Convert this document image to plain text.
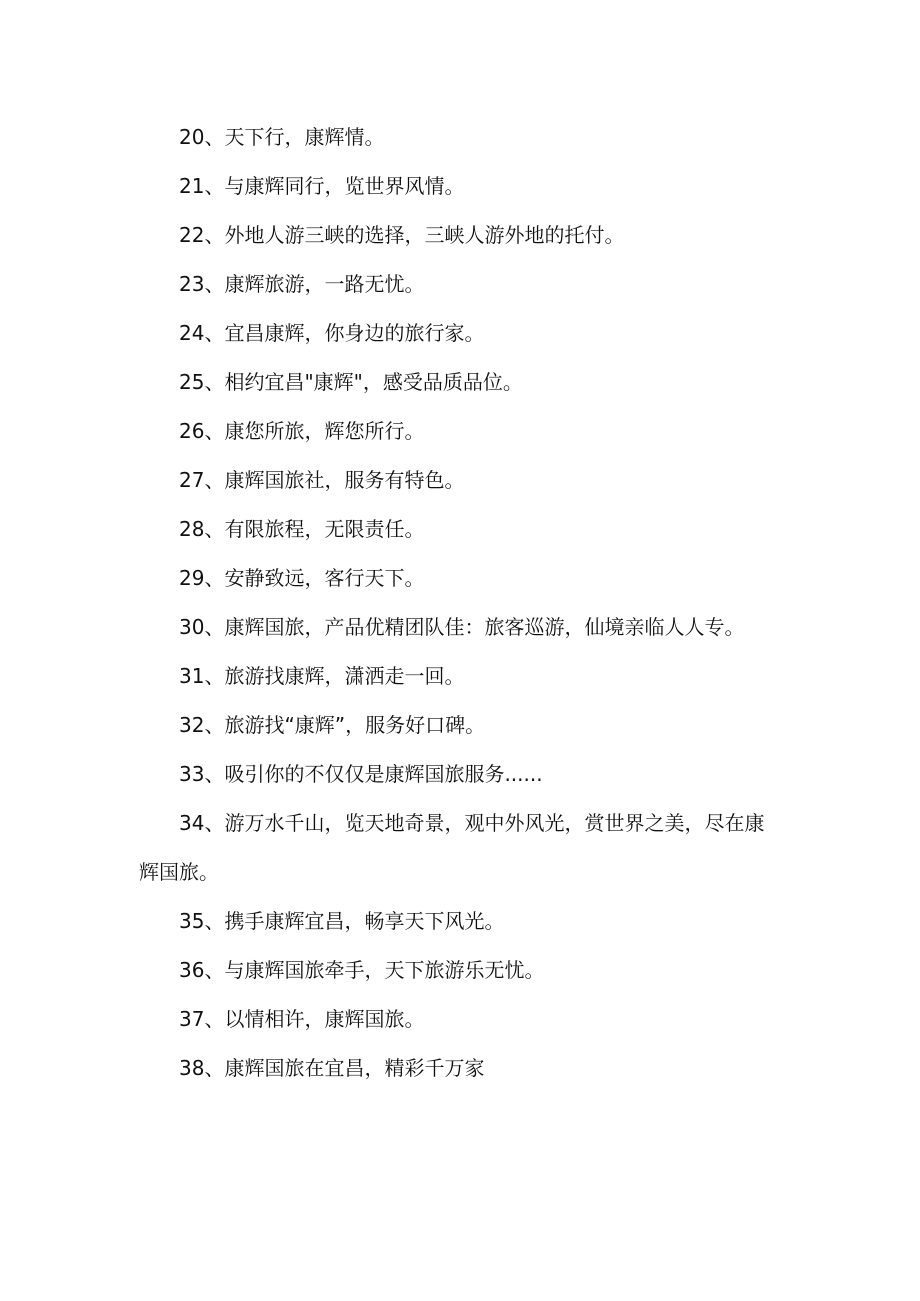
20、天下行，康辉情。

21、与康辉同行，览世界风情。

22、外地人游三峡的选择，三峡人游外地的托付。

23、康辉旅游，一路无忧。

24、宜昌康辉，你身边的旅行家。

25、相约宜昌"康辉"，感受品质品位。

26、康您所旅，辉您所行。

27、康辉国旅社，服务有特色。

28、有限旅程，无限责任。

29、安静致远，客行天下。

30、康辉国旅，产品优精团队佳：旅客巡游，仙境亲临人人专。

31、旅游找康辉，潇洒走一回。

32、旅游找“康辉”，服务好口碑。

33、吸引你的不仅仅是康辉国旅服务......

34、游万水千山，览天地奇景，观中外风光，赏世界之美，尽在康辉国旅。

35、携手康辉宜昌，畅享天下风光。

36、与康辉国旅牵手，天下旅游乐无忧。

37、以情相许，康辉国旅。

38、康辉国旅在宜昌，精彩千万家
